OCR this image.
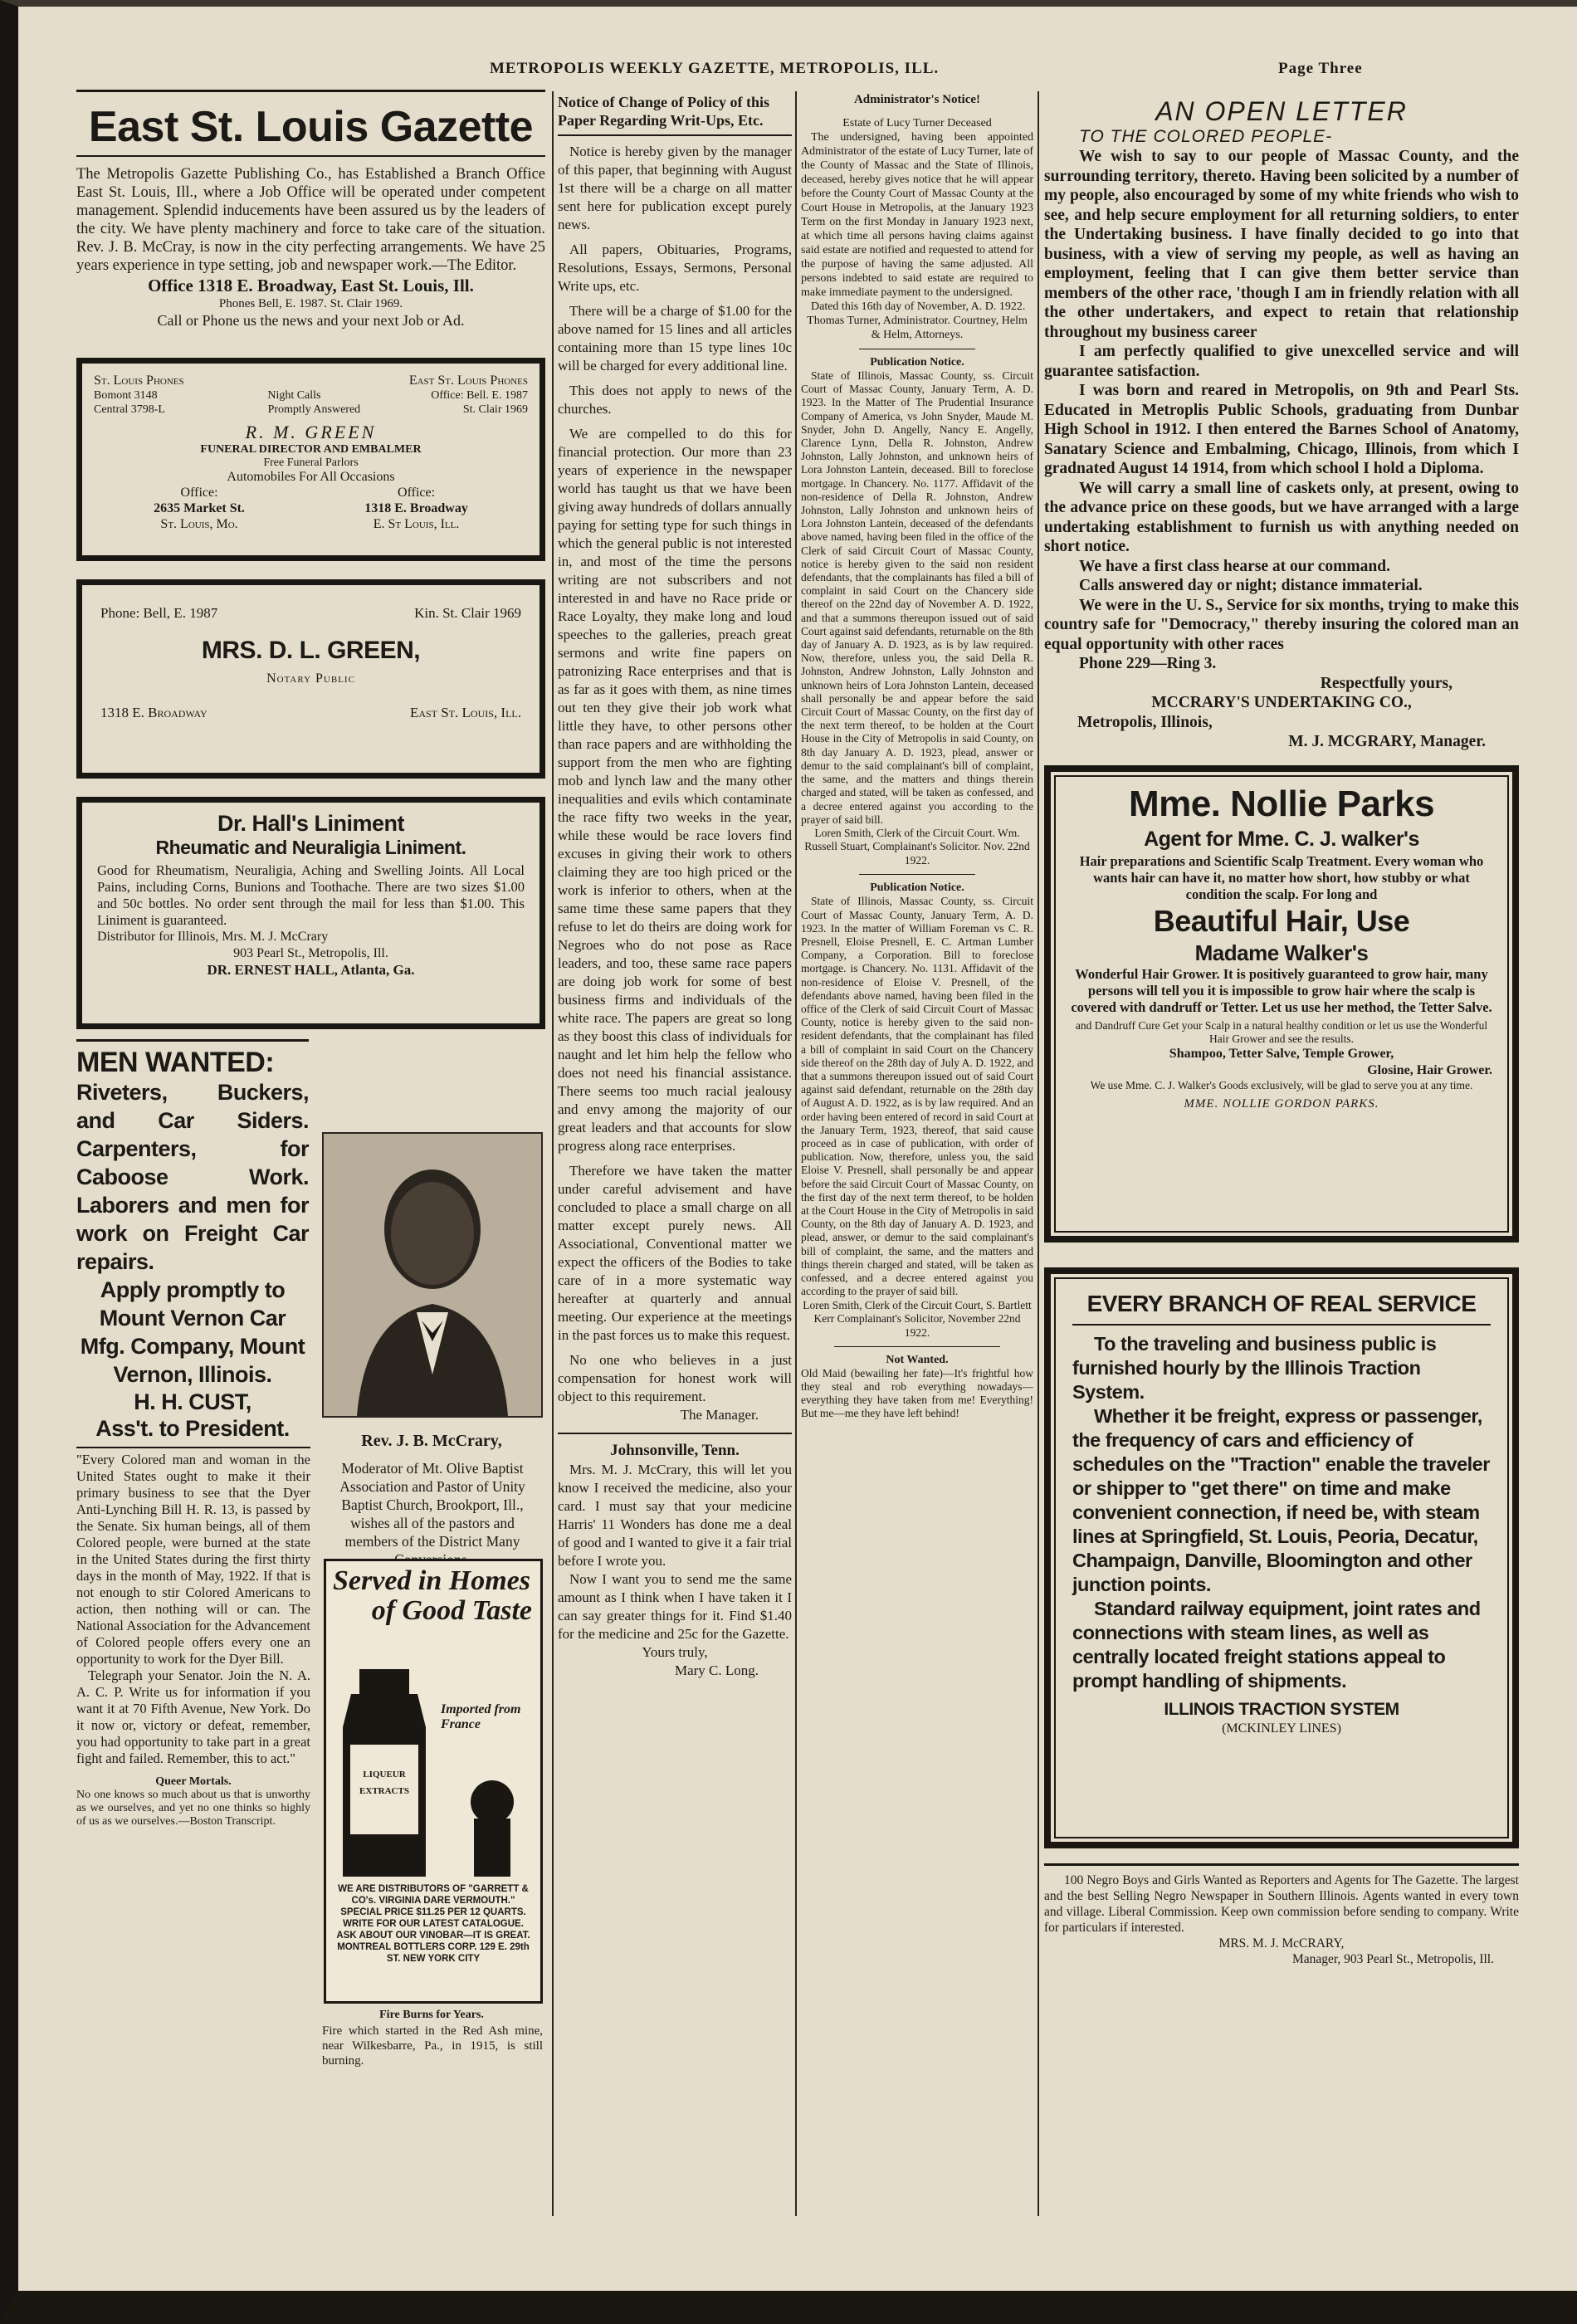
METROPOLIS WEEKLY GAZETTE, METROPOLIS, ILL.	Page Three
East St. Louis Gazette

The Metropolis Gazette Publishing Co., has Established a Branch Office East St. Louis, Ill., where a Job Office will be operated under competent management. Splendid inducements have been assured us by the leaders of the city. We have plenty machinery and force to take care of the situation. Rev. J. B. McCray, is now in the city perfecting arrangements. We have 25 years experience in type setting, job and newspaper work.—The Editor.

Office 1318 E. Broadway, East St. Louis, Ill.

Phones Bell, E. 1987. St. Clair 1969.

Call or Phone us the news and your next Job or Ad.

St. Louis Phones	East St. Louis Phones
Bomont 3148	Night Calls	Office: Bell. E. 1987
Central 3798-L	Promptly Answered	St. Clair 1969
R. M. GREEN
FUNERAL DIRECTOR AND EMBALMER
Free Funeral Parlors
Automobiles For All Occasions
Office:
2635 Market St.
St. Louis, Mo.
Office:
1318 E. Broadway
E. St Louis, Ill.
Phone: Bell, E. 1987	Kin. St. Clair 1969
MRS. D. L. GREEN,
Notary Public
1318 E. Broadway	East St. Louis, Ill.
Dr. Hall's Liniment
Rheumatic and Neuraligia Liniment.

Good for Rheumatism, Neuraligia, Aching and Swelling Joints. All Local Pains, including Corns, Bunions and Toothache. There are two sizes $1.00 and 50c bottles. No order sent through the mail for less than $1.00. This Liniment is guaranteed.

Distributor for Illinois, Mrs. M. J. McCrary

903 Pearl St., Metropolis, Ill.

DR. ERNEST HALL, Atlanta, Ga.

MEN WANTED:

Riveters, Buckers, and Car Siders. Carpenters, for Caboose Work. Laborers and men for work on Freight Car repairs.

Apply promptly to Mount Vernon Car Mfg. Company, Mount Vernon, Illinois.

H. H. CUST,

Ass't. to President.

"Every Colored man and woman in the United States ought to make it their primary business to see that the Dyer Anti-Lynching Bill H. R. 13, is passed by the Senate. Six human beings, all of them Colored people, were burned at the state in the United States during the first thirty days in the month of May, 1922. If that is not enough to stir Colored Americans to action, then nothing will or can. The National Association for the Advancement of Colored people offers every one an opportunity to work for the Dyer Bill.

Telegraph your Senator. Join the N. A. A. C. P. Write us for information if you want it at 70 Fifth Avenue, New York. Do it now or, victory or defeat, remember, you had opportunity to take part in a great fight and failed. Remember, this to act."

Queer Mortals.

No one knows so much about us that is unworthy as we ourselves, and yet no one thinks so highly of us as we ourselves.—Boston Transcript.

Rev. J. B. McCrary,

Moderator of Mt. Olive Baptist Association and Pastor of Unity Baptist Church, Brookport, Ill., wishes all of the pastors and members of the District Many

Served in Homes
of Good Taste
LIQUEUR
EXTRACTS
Imported from France

WE ARE DISTRIBUTORS OF "GARRETT & CO's. VIRGINIA DARE VERMOUTH." SPECIAL PRICE $11.25 PER 12 QUARTS. WRITE FOR OUR LATEST CATALOGUE. ASK ABOUT OUR VINOBAR—IT IS GREAT. MONTREAL BOTTLERS CORP. 129 E. 29th ST. NEW YORK CITY

Fire Burns for Years.

Fire which started in the Red Ash mine, near Wilkesbarre, Pa., in 1915, is still burning.

Notice of Change of Policy of this Paper Regarding Writ-Ups, Etc.

Notice is hereby given by the manager of this paper, that beginning with August 1st there will be a charge on all matter sent here for publication except purely news.

All papers, Obituaries, Programs, Resolutions, Essays, Sermons, Personal Write ups, etc.

There will be a charge of $1.00 for the above named for 15 lines and all articles containing more than 15 type lines 10c will be charged for every additional line.

This does not apply to news of the churches.

We are compelled to do this for financial protection. Our more than 23 years of experience in the newspaper world has taught us that we have been giving away hundreds of dollars annually paying for setting type for such things in which the general public is not interested in, and most of the time the persons writing are not subscribers and not interested in and have no Race pride or Race Loyalty, they make long and loud speeches to the galleries, preach great sermons and write fine papers on patronizing Race enterprises and that is as far as it goes with them, as nine times out ten they give their job work what little they have, to other persons other than race papers and are withholding the support from the men who are fighting mob and lynch law and the many other inequalities and evils which contaminate the race fifty two weeks in the year, while these would be race lovers find excuses in giving their work to others claiming they are too high priced or the work is inferior to others, when at the same time these same papers that they refuse to let do theirs are doing work for Negroes who do not pose as Race leaders, and too, these same race papers are doing job work for some of best business firms and individuals of the white race. The papers are great so long as they boost this class of individuals for naught and let him help the fellow who does not need his financial assistance. There seems too much racial jealousy and envy among the majority of our great leaders and that accounts for slow progress along race enterprises.

Therefore we have taken the matter under careful advisement and have concluded to place a small charge on all matter except purely news. All Associational, Conventional matter we expect the officers of the Bodies to take care of in a more systematic way hereafter at quarterly and annual meeting. Our experience at the meetings in the past forces us to make this request.

No one who believes in a just compensation for honest work will object to this requirement.

The Manager.

Johnsonville, Tenn.

Mrs. M. J. McCrary, this will let you know I received the medicine, also your card. I must say that your medicine Harris' 11 Wonders has done me a deal of good and I wanted to give it a fair trial before I wrote you.

Now I want you to send me the same amount as I think when I have taken it I can say greater things for it. Find $1.40 for the medicine and 25c for the Gazette.

Yours truly,

Mary C. Long.

Administrator's Notice!

Estate of Lucy Turner Deceased

The undersigned, having been appointed Administrator of the estate of Lucy Turner, late of the County of Massac and the State of Illinois, deceased, hereby gives notice that he will appear before the County Court of Massac County at the Court House in Metropolis, at the January 1923 Term on the first Monday in January 1923 next, at which time all persons having claims against said estate are notified and requested to attend for the purpose of having the same adjusted. All persons indebted to said estate are required to make immediate payment to the undersigned.

Dated this 16th day of November, A. D. 1922.

Thomas Turner, Administrator. Courtney, Helm & Helm, Attorneys.

Publication Notice.

State of Illinois, Massac County, ss. Circuit Court of Massac County, January Term, A. D. 1923. In the Matter of The Prudential Insurance Company of America, vs John Snyder, Maude M. Snyder, John D. Angelly, Nancy E. Angelly, Clarence Lynn, Della R. Johnston, Andrew Johnston, Lally Johnston, and unknown heirs of Lora Johnston Lantein, deceased. Bill to foreclose mortgage. In Chancery. No. 1177. Affidavit of the non-residence of Della R. Johnston, Andrew Johnston, Lally Johnston and unknown heirs of Lora Johnston Lantein, deceased of the defendants above named, having been filed in the office of the Clerk of said Circuit Court of Massac County, notice is hereby given to the said non resident defendants, that the complainants has filed a bill of complaint in said Court on the Chancery side thereof on the 22nd day of November A. D. 1922, and that a summons thereupon issued out of said Court against said defendants, returnable on the 8th day of January A. D. 1923, as is by law required. Now, therefore, unless you, the said Della R. Johnston, Andrew Johnston, Lally Johnston and unknown heirs of Lora Johnston Lantein, deceased shall personally be and appear before the said Circuit Court of Massac County, on the first day of the next term thereof, to be holden at the Court House in the City of Metropolis in said County, on 8th day January A. D. 1923, plead, answer or demur to the said complainant's bill of complaint, the same, and the matters and things therein charged and stated, will be taken as confessed, and a decree entered against you according to the prayer of said bill.

Loren Smith, Clerk of the Circuit Court. Wm. Russell Stuart, Complainant's Solicitor. Nov. 22nd 1922.

Publication Notice.

State of Illinois, Massac County, ss. Circuit Court of Massac County, January Term, A. D. 1923. In the matter of William Foreman vs C. R. Presnell, Eloise Presnell, E. C. Artman Lumber Company, a Corporation. Bill to foreclose mortgage. is Chancery. No. 1131. Affidavit of the non-residence of Eloise V. Presnell, of the defendants above named, having been filed in the office of the Clerk of said Circuit Court of Massac County, notice is hereby given to the said non-resident defendants, that the complainant has filed a bill of complaint in said Court on the Chancery side thereof on the 28th day of July A. D. 1922, and that a summons thereupon issued out of said Court against said defendant, returnable on the 28th day of August A. D. 1922, as is by law required. And an order having been entered of record in said Court at the January Term, 1923, thereof, that said cause proceed as in case of publication, with order of publication. Now, therefore, unless you, the said Eloise V. Presnell, shall personally be and appear before the said Circuit Court of Massac County, on the first day of the next term thereof, to be holden at the Court House in the City of Metropolis in said County, on the 8th day of January A. D. 1923, and plead, answer, or demur to the said complainant's bill of complaint, the same, and the matters and things therein charged and stated, will be taken as confessed, and a decree entered against you according to the prayer of said bill.

Loren Smith, Clerk of the Circuit Court, S. Bartlett Kerr Complainant's Solicitor, November 22nd 1922.

Not Wanted.

Old Maid (bewailing her fate)—It's frightful how they steal and rob everything nowadays—everything they have taken from me! Everything! But me—me they have left behind!

AN OPEN LETTER
TO THE COLORED PEOPLE-

We wish to say to our people of Massac County, and the surrounding territory, thereto. Having been solicited by a number of my people, also encouraged by some of my white friends who wish to see, and help secure employment for all returning soldiers, to enter the Undertaking business. I have finally decided to go into that business, with a view of serving my people, as well as having an employment, feeling that I can give them better service than members of the other race, 'though I am in friendly relation with all the other undertakers, and expect to retain that relationship throughout my business career

I am perfectly qualified to give unexcelled service and will guarantee satisfaction.

I was born and reared in Metropolis, on 9th and Pearl Sts. Educated in Metroplis Public Schools, graduating from Dunbar High School in 1912. I then entered the Barnes School of Anatomy, Sanatary Science and Embalming, Chicago, Illinois, from which I gradnated August 14 1914, from which school I hold a Diploma.

We will carry a small line of caskets only, at present, owing to the advance price on these goods, but we have arranged with a large undertaking establishment to furnish us with anything needed on short notice.

We have a first class hearse at our command.

Calls answered day or night; distance immaterial.

We were in the U. S., Service for six months, trying to make this country safe for "Democracy," thereby insuring the colored man an equal opportunity with other races

Phone 229—Ring 3.

Respectfully yours,

MCCRARY'S UNDERTAKING CO.,

Metropolis, Illinois,

M. J. MCGRARY, Manager.

Mme. Nollie Parks
Agent for Mme. C. J. walker's

Hair preparations and Scientific Scalp Treatment. Every woman who wants hair can have it, no matter how short, how stubby or what condition the scalp. For long and

Beautiful Hair, Use
Madame Walker's

Wonderful Hair Grower. It is positively guaranteed to grow hair, many persons will tell you it is impossible to grow hair where the scalp is covered with dandruff or Tetter. Let us use her method, the Tetter Salve.

and Dandruff Cure Get your Scalp in a natural healthy condition or let us use the Wonderful Hair Grower and see the results.

Shampoo, Tetter Salve, Temple Grower,

Glosine, Hair Grower.

We use Mme. C. J. Walker's Goods exclusively, will be glad to serve you at any time.

MME. NOLLIE GORDON PARKS.

EVERY BRANCH OF REAL SERVICE

To the traveling and business public is furnished hourly by the Illinois Traction System.

Whether it be freight, express or passenger, the frequency of cars and efficiency of schedules on the "Traction" enable the traveler or shipper to "get there" on time and make convenient connection, if need be, with steam lines at Springfield, St. Louis, Peoria, Decatur, Champaign, Danville, Bloomington and other junction points.

Standard railway equipment, joint rates and connections with steam lines, as well as centrally located freight stations appeal to prompt handling of shipments.

ILLINOIS TRACTION SYSTEM

(MCKINLEY LINES)

100 Negro Boys and Girls Wanted as Reporters and Agents for The Gazette. The largest and the best Selling Negro Newspaper in Southern Illinois. Agents wanted in every town and village. Liberal Commission. Keep own commission before sending to company. Write for particulars if interested.

MRS. M. J. McCRARY,

Manager, 903 Pearl St., Metropolis, Ill.
